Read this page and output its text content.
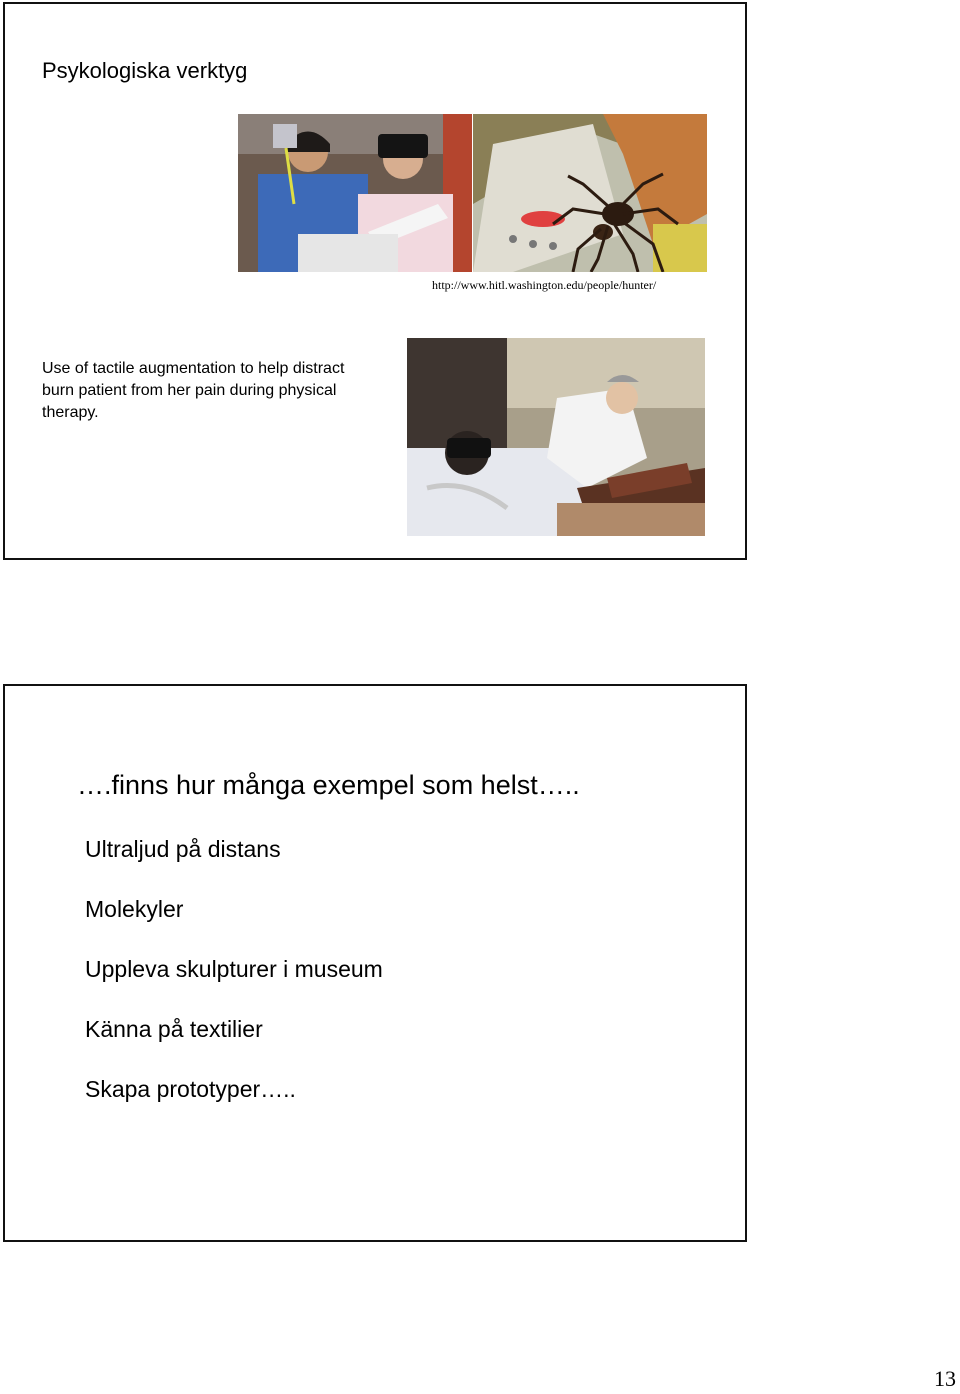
Psykologiska verktyg
http://www.hitl.washington.edu/people/hunter/
Use of tactile augmentation to help distract burn patient from her pain during physical therapy.
….finns hur många exempel som helst…..
Ultraljud på distans
Molekyler
Uppleva skulpturer i museum
Känna på textilier
Skapa prototyper…..
13
